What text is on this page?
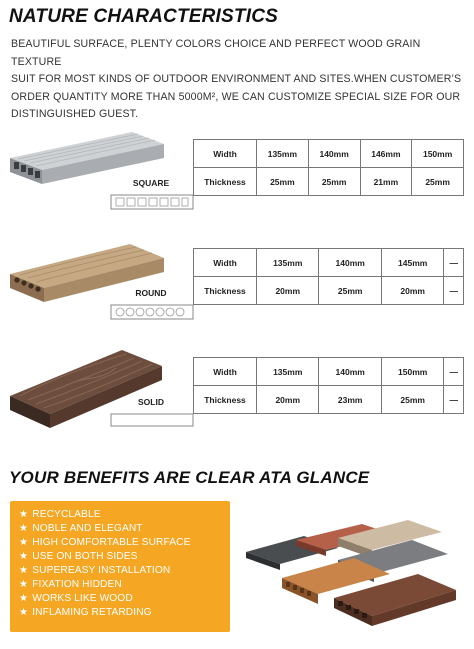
NATURE CHARACTERISTICS

BEAUTIFUL SURFACE, PLENTY COLORS CHOICE AND PERFECT WOOD GRAIN TEXTURE
SUIT FOR MOST KINDS OF OUTDOOR ENVIRONMENT AND SITES.WHEN CUSTOMER’S
ORDER QUANTITY MORE THAN 5000M², WE CAN CUSTOMIZE SPECIAL SIZE FOR OUR
DISTINGUISHED GUEST.

SQUARE
Width	135mm	140mm	146mm	150mm
Thickness	25mm	25mm	21mm	25mm
ROUND
Width	135mm	140mm	145mm	—
Thickness	20mm	25mm	20mm	—
SOLID
Width	135mm	140mm	150mm	—
Thickness	20mm	23mm	25mm	—
YOUR BENEFITS ARE CLEAR ATA GLANCE
★ RECYCLABLE
★ NOBLE AND ELEGANT
★ HIGH COMFORTABLE SURFACE
★ USE ON BOTH SIDES
★ SUPEREASY INSTALLATION
★ FIXATION HIDDEN
★ WORKS LIKE WOOD
★ INFLAMING RETARDING
